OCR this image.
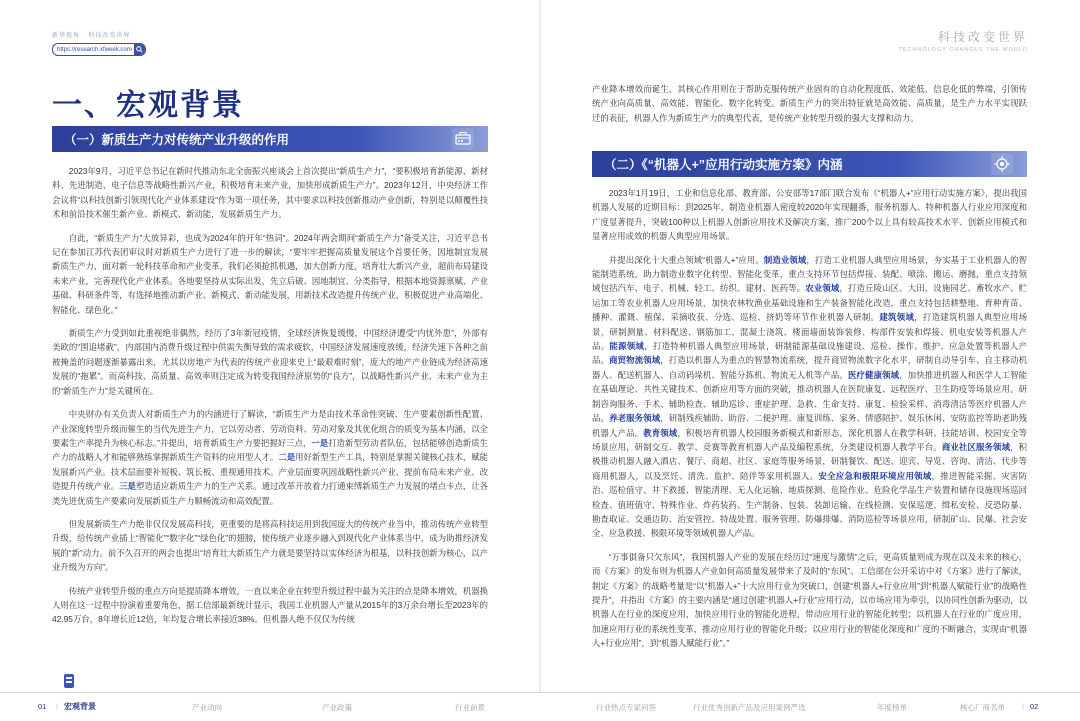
新华视角 · 科技改变世界
https://research.xfweek.com
一、宏观背景
（一）新质生产力对传统产业升级的作用

2023年9月，习近平总书记在新时代推动东北全面振兴座谈会上首次提出“新质生产力”，“要积极培育新能源、新材料、先进制造、电子信息等战略性新兴产业，积极培育未来产业，加快形成新质生产力”。2023年12月，中央经济工作会议将“以科技创新引领现代化产业体系建设”作为第一项任务，其中要求以科技创新推动产业创新，特别是以颠覆性技术和前沿技术催生新产业、新模式、新动能，发展新质生产力。

自此，“新质生产力”大放异彩，也成为2024年的开年“热词”。2024年两会期间“新质生产力”备受关注，习近平总书记在参加江苏代表团审议时对新质生产力进行了进一步的解读，“要牢牢把握高质量发展这个首要任务，因地制宜发展新质生产力，面对新一轮科技革命和产业变革，我们必须抢抓机遇，加大创新力度，培育壮大新兴产业，超前布局建设未来产业，完善现代化产业体系。各地要坚持从实际出发，先立后破、因地制宜、分类指导，根据本地资源禀赋、产业基础、科研条件等，有选择地推动新产业、新模式、新动能发展，用新技术改造提升传统产业，积极促进产业高端化、智能化、绿色化。”

新质生产力受到如此重视绝非偶然，经历了3年新冠疫情，全球经济恢复缓慢，中国经济遭受“内忧外患”，外部有美欧的“围追堵截”，内部国内消费升级过程中供需失衡导致的需求疲软，中国经济发展速度放缓，经济失速下各种之前被掩盖的问题逐渐暴露出来，尤其以房地产为代表的传统产业迎来史上“最艰难时刻”，庞大的地产产业链成为经济高速发展的“拖累”。而高科技、高质量、高效率则注定成为转变我国经济原势的“良方”，以战略性新兴产业、未来产业为主的“新质生产力”是关键所在。

中央财办有关负责人对新质生产力的内涵进行了解读，“新质生产力是由技术革命性突破、生产要素创新性配置、产业深度转型升级而催生的当代先进生产力，它以劳动者、劳动资料、劳动对象及其优化组合的质变为基本内涵，以全要素生产率提升为核心标志。”并提出，培育新质生产力要把握好三点，一是打造新型劳动者队伍，包括能够创造新质生产力的战略人才和能够熟练掌握新质生产资料的应用型人才。二是用好新型生产工具，特别是掌握关键核心技术，赋能发展新兴产业。技术层面要补短板、筑长板、重视通用技术。产业层面要巩固战略性新兴产业、提前布局未来产业、改造提升传统产业。三是塑造适应新质生产力的生产关系。通过改革开放着力打通束缚新质生产力发展的堵点卡点，让各类先进优质生产要素向发展新质生产力顺畅流动和高效配置。

但发展新质生产力绝非仅仅发展高科技，更重要的是将高科技运用到我国庞大的传统产业当中，推动传统产业转型升级，给传统产业插上“智能化”“数字化”“绿色化”的翅膀，使传统产业逐步融入到现代化产业体系当中，成为助推经济发展的“新”动力。前不久召开的两会也提出“培育壮大新质生产力就是要坚持以实体经济为根基，以科技创新为核心，以产业升级为方向”。

传统产业转型升级的重点方向是提质降本增效，一直以来企业在转型升级过程中最为关注的点是降本增效，机器换人则在这一过程中扮演着重要角色，据工信部最新统计显示，我国工业机器人产量从2015年的3万余台增长至2023年的42.95万台，8年增长近12倍，年均复合增长率接近38%。但机器人绝不仅仅为传统

科技改变世界
TECHNOLOGY CHANGES THE WORLD

产业降本增效而诞生，其核心作用则在于帮助克服传统产业固有的自动化程度低、效能低、信息化低的弊端，引领传统产业向高质量、高效能、智能化、数字化转变。新质生产力的突出特征就是高效能、高质量，是生产力水平实现跃迁的表征，机器人作为新质生产力的典型代表，是传统产业转型升级的强大支撑和动力。

（二）《“机器人+”应用行动实施方案》内涵

2023年1月19日，工业和信息化部、教育部、公安部等17部门联合发布《“机器人+”应用行动实施方案》，提出我国机器人发展的近期目标：到2025年，制造业机器人密度较2020年实现翻番，服务机器人、特种机器人行业应用深度和广度显著提升，突破100种以上机器人创新应用技术及解决方案，推广200个以上具有较高技术水平、创新应用模式和显著应用成效的机器人典型应用场景。

并提出深化十大重点领域“机器人+”应用。制造业领域，打造工业机器人典型应用场景，夯实基于工业机器人的智能制造系统，助力制造业数字化转型、智能化变革，重点支持环节包括焊接、装配、喷涂、搬运、磨抛，重点支持领域包括汽车、电子、机械、轻工、纺织、建材、医药等。农业领域，打造丘陵山区、大田、设施园艺、畜牧水产、贮运加工等农业机器人应用场景，加快农林牧渔业基础设施和生产装备智能化改造，重点支持包括耕整地、育种育苗、播种、灌溉、植保、采摘收获、分选、巡检、挤奶等环节作业机器人研制。建筑领域，打造建筑机器人典型应用场景，研制测量、材料配送、钢筋加工、混凝土浇筑、楼面墙面装饰装修、构部件安装和焊接、机电安装等机器人产品。能源领域，打造特种机器人典型应用场景，研制能源基础设施建设、巡检、操作、维护、应急处置等机器人产品。商贸物流领域，打造以机器人为重点的智慧物流系统，提升商贸物流数字化水平，研制自动导引车、自主移动机器人、配送机器人、自动码垛机、智能分拣机、物流无人机等产品。医疗健康领域，加快推进机器人和医学人工智能在基础理论、共性关键技术、创新应用等方面的突破，推动机器人在医院康复、远程医疗、卫生防疫等场景应用。研制咨询服务、手术、辅助检查、辅助巡诊、重症护理、急救、生命支持、康复、检验采样、消毒清洁等医疗机器人产品。养老服务领域，研制残疾辅助、助浴、二便护理、康复训练、家务、情感陪护、娱乐休闲、安防监控等助老助残机器人产品。教育领域，积极培育机器人校园服务新模式和新形态，深化机器人在教学科研、技能培训、校园安全等场景应用，研制交互、教学、竞赛等教育机器人产品及编程系统，分类建设机器人教学平台。商业社区服务领域，积极推动机器人融入酒店、餐厅、商超、社区、家庭等服务场景，研制餐饮、配送、迎宾、导览、咨询、清洁、代步等商用机器人，以及烹饪、清洗、监护、陪伴等家用机器人。安全应急和极限环境应用领域，推进智能采掘、灾害防治、巡检值守、井下救援、智能清理、无人化运输、地质探测、危险作业、危险化学品生产装置和储存设施现场巡回检查、值班值守、特殊作业、炸药装药、生产制备、包装、装卸运输、在线检测、安保巡逻、缉私安检、反恐防暴、勘查取证、交通边防、治安管控、特战处置、服务管理、防爆排爆、消防巡检等场景应用，研制矿山、民爆、社会安全、应急救援、极限环境等领域机器人产品。

“万事俱备只欠东风”，我国机器人产业的发展在经历过“速度与激情”之后，更高质量则成为现在以及未来的核心，而《方案》的发布则为机器人产业如何高质量发展带来了及时的“东风”。工信部在公开采访中对《方案》进行了解读，制定《方案》的战略考量是“以“机器人+”十大应用行业为突破口，创建“机器人+行业应用”到“机器人赋能行业”的战略性提升”，并指出《方案》的主要内涵是“通过创建“机器人+行业”应用行动，以市场应用为牵引，以协同性创新为驱动，以机器人在行业的深度应用，加快应用行业的智能化进程，带动应用行业的智能化转型；以机器人在行业的广度应用，加速应用行业的系统性变革，推动应用行业的智能化升级；以应用行业的智能化深度和广度的不断融合，实现由“机器人+行业应用”，到“机器人赋能行业”。”

01 | 宏观背景	产业动向	产业政策	行业前景	行业热点专家问答	行业优秀创新产品及应用案例严选	年度榜单	核心厂商名单 | 02
